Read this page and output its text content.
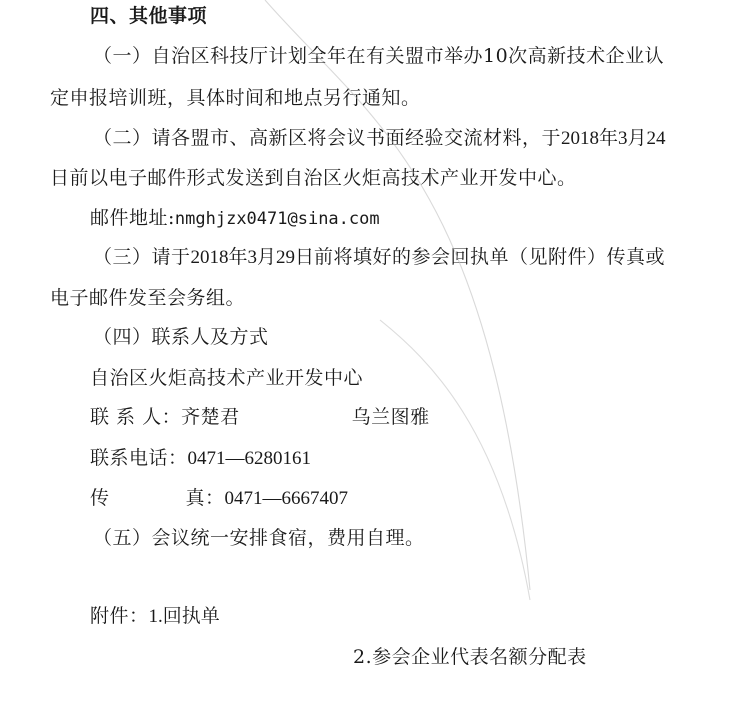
四、其他事项
（一）自治区科技厅计划全年在有关盟市举办10次高新技术企业认
定申报培训班，具体时间和地点另行通知。
（二）请各盟市、高新区将会议书面经验交流材料，于2018年3月24
日前以电子邮件形式发送到自治区火炬高技术产业开发中心。
邮件地址:nmghjzx0471@sina.com
（三）请于2018年3月29日前将填好的参会回执单（见附件）传真或
电子邮件发至会务组。
（四）联系人及方式
自治区火炬高技术产业开发中心
联 系 人：齐楚君	乌兰图雅
联系电话：0471—6280161
传	真：0471—6667407
（五）会议统一安排食宿，费用自理。
附件：1.回执单
2.参会企业代表名额分配表
